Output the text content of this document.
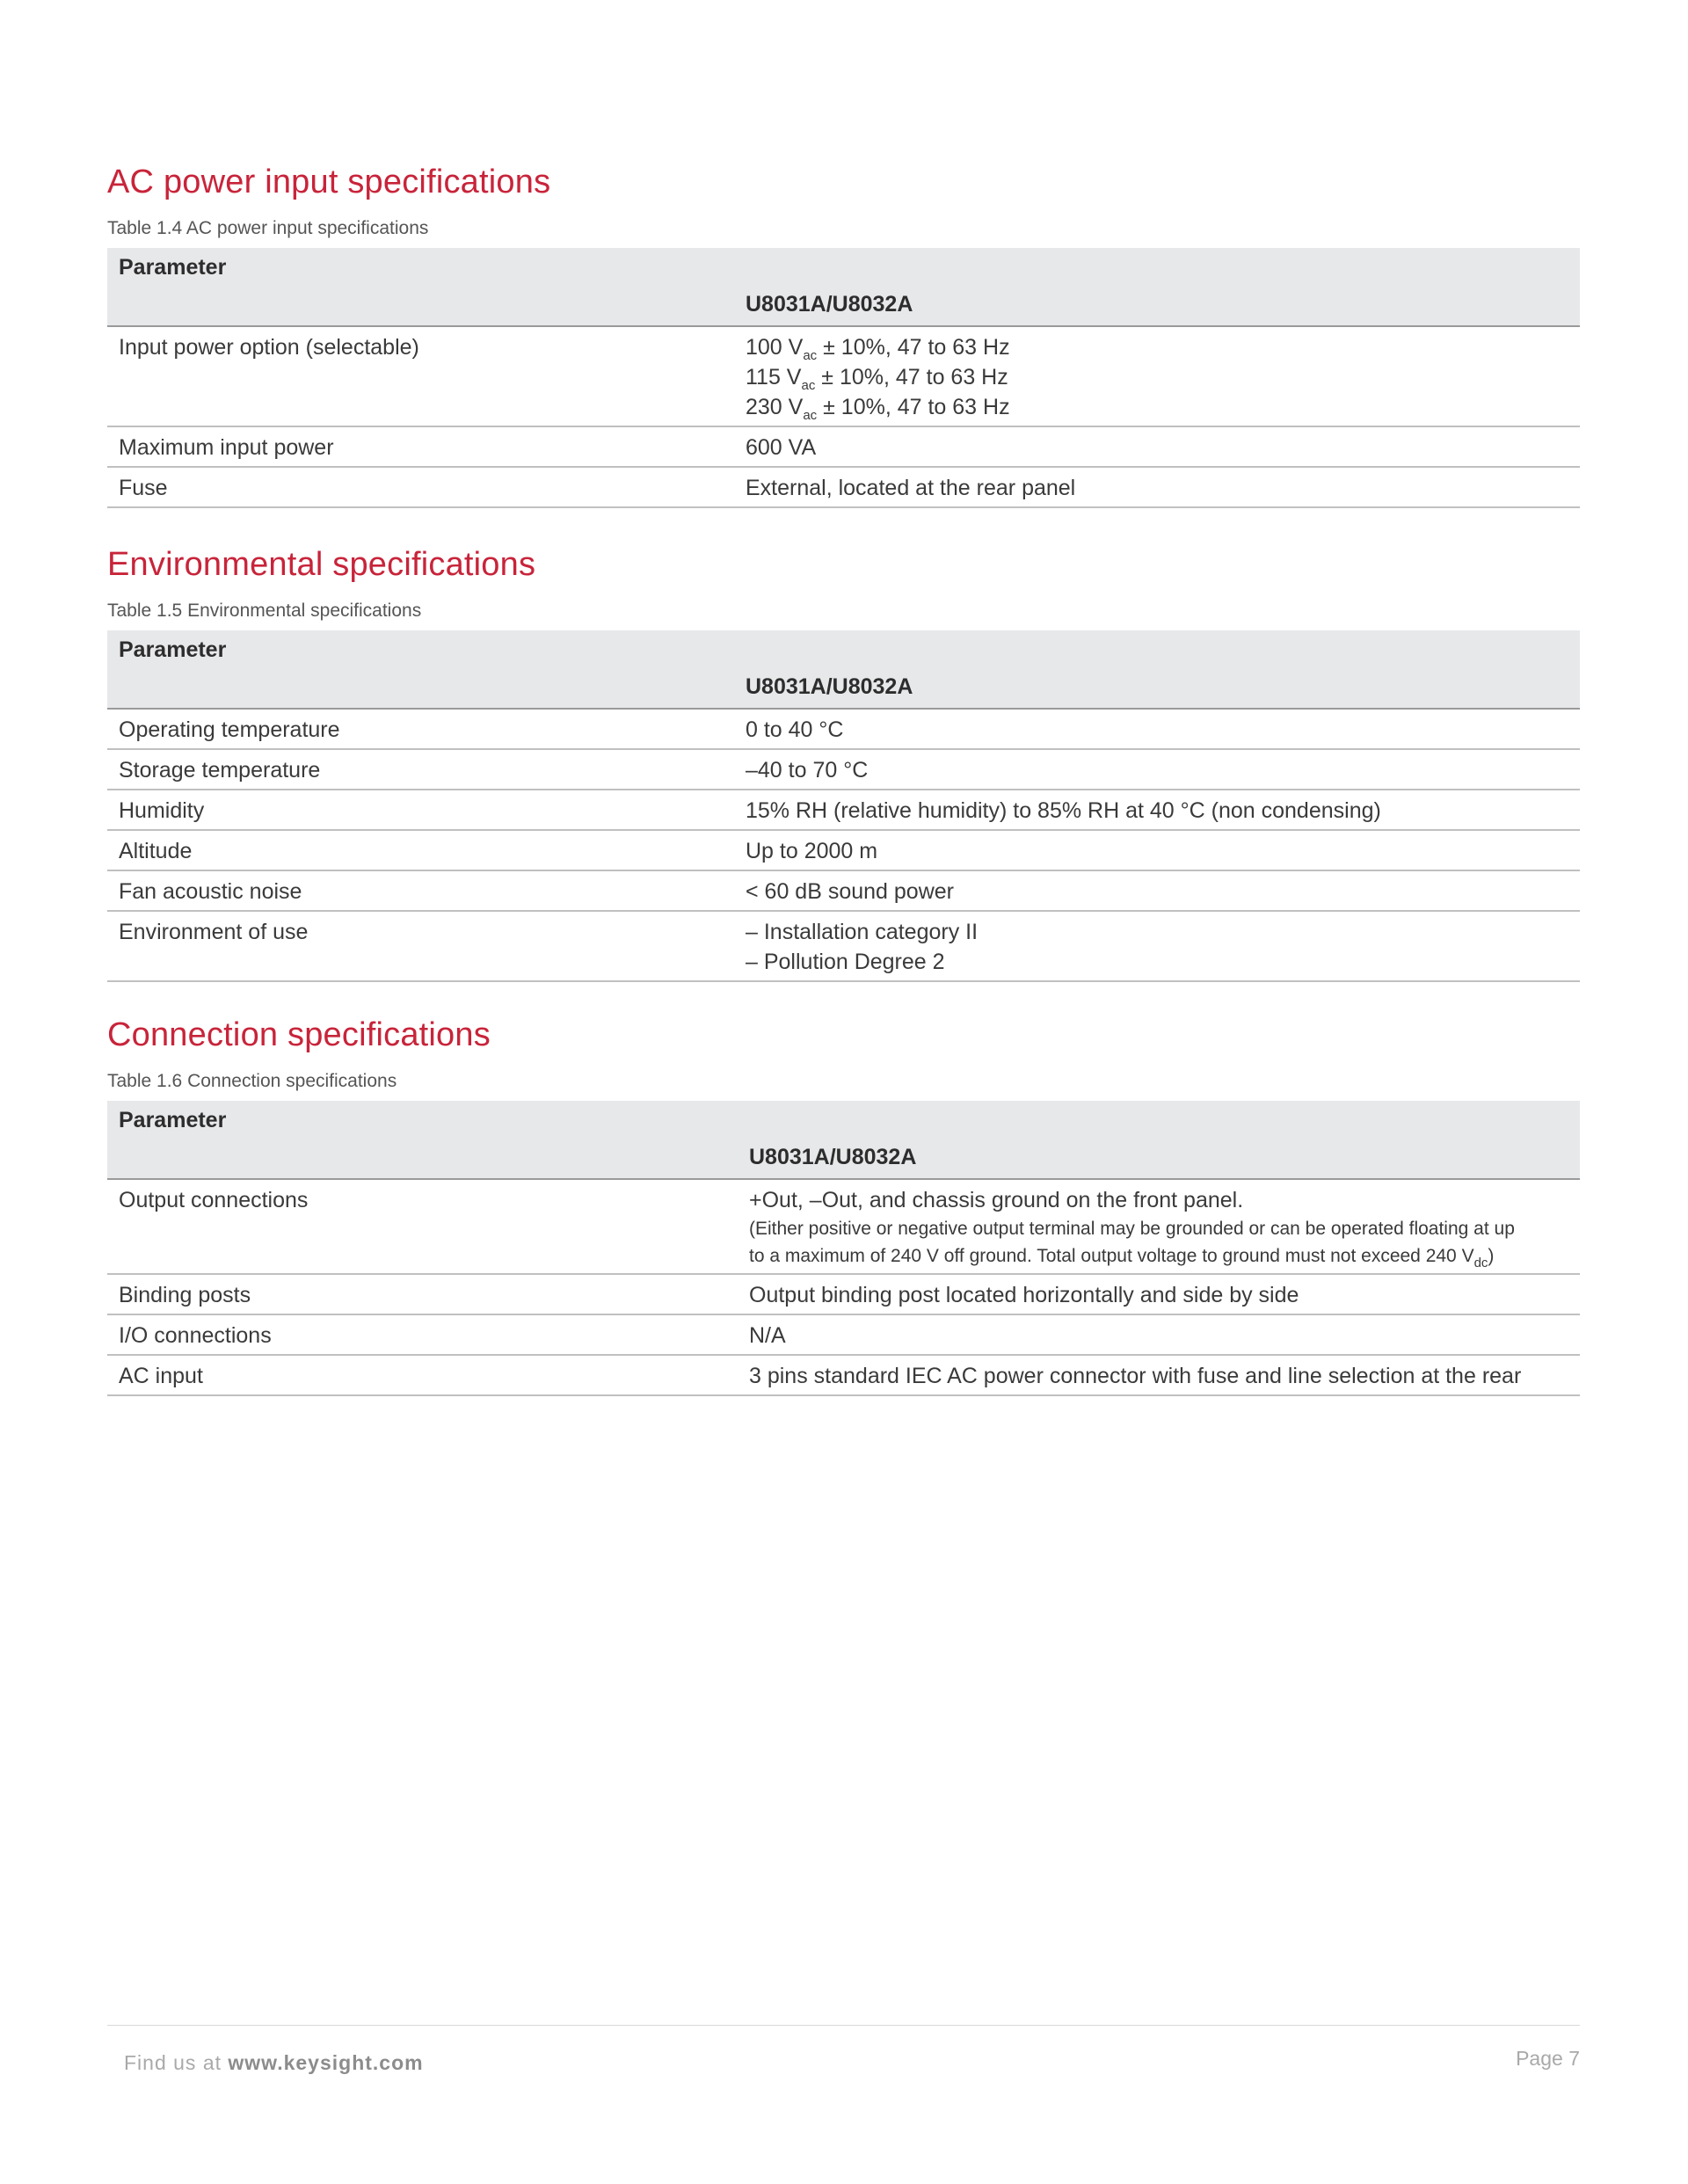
AC power input specifications

Table 1.4 AC power input specifications

Parameter	
	U8031A/U8032A
Input power option (selectable)	100 $V_{ac} \pm 10\%$, 47 to 63 Hz
115 $V_{ac} \pm 10\%$, 47 to 63 Hz
230 $V_{ac} \pm 10\%$, 47 to 63 Hz

Maximum input power	600 VA
Fuse	External, located at the rear panel
Environmental specifications

Table 1.5 Environmental specifications

Parameter	
	U8031A/U8032A
Operating temperature	0 to 40 °C
Storage temperature	–40 to 70 °C
Humidity	15% RH (relative humidity) to 85% RH at 40 °C (non condensing)
Altitude	Up to 2000 m
Fan acoustic noise	< 60 dB sound power
Environment of use	– Installation category II
– Pollution Degree 2
Connection specifications

Table 1.6 Connection specifications

Parameter	
	U8031A/U8032A
Output connections	+Out, –Out, and chassis ground on the front panel.
(Either positive or negative output terminal may be grounded or can be operated floating at up
to a maximum of 240 V off ground. Total output voltage to ground must not exceed 240 $V_{dc}$)

Binding posts	Output binding post located horizontally and side by side
I/O connections	N/A
AC input	3 pins standard IEC AC power connector with fuse and line selection at the rear
Find us at www.keysight.com	Page 7
